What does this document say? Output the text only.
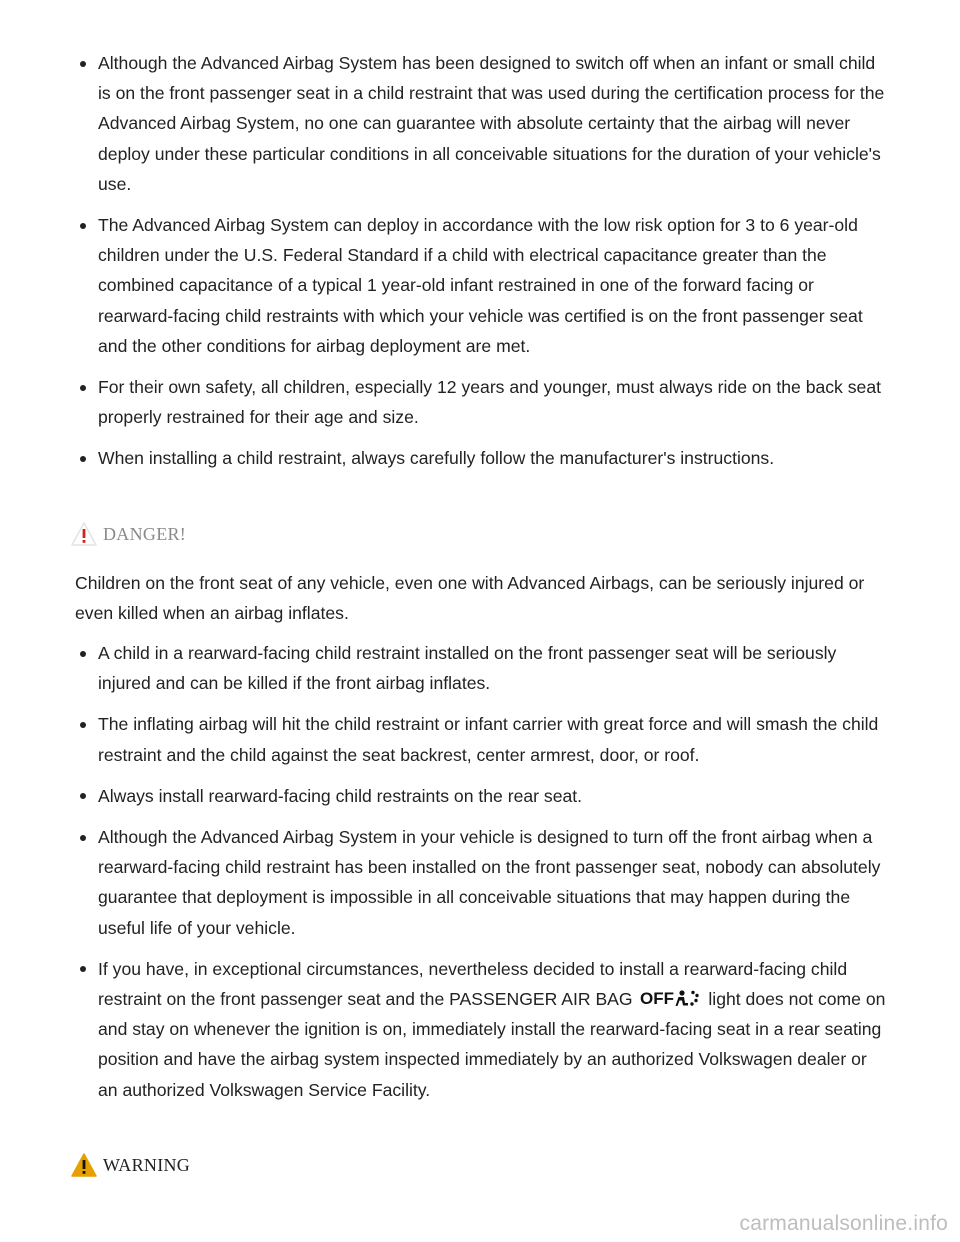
Although the Advanced Airbag System has been designed to switch off when an infant or small child is on the front passenger seat in a child restraint that was used during the certification process for the Advanced Airbag System, no one can guarantee with absolute certainty that the airbag will never deploy under these particular conditions in all conceivable situations for the duration of your vehicle's use.
The Advanced Airbag System can deploy in accordance with the low risk option for 3 to 6 year-old children under the U.S. Federal Standard if a child with electrical capacitance greater than the combined capacitance of a typical 1 year-old infant restrained in one of the forward facing or rearward-facing child restraints with which your vehicle was certified is on the front passenger seat and the other conditions for airbag deployment are met.
For their own safety, all children, especially 12 years and younger, must always ride on the back seat properly restrained for their age and size.
When installing a child restraint, always carefully follow the manufacturer's instructions.
DANGER!
Children on the front seat of any vehicle, even one with Advanced Airbags, can be seriously injured or even killed when an airbag inflates.
A child in a rearward-facing child restraint installed on the front passenger seat will be seriously injured and can be killed if the front airbag inflates.
The inflating airbag will hit the child restraint or infant carrier with great force and will smash the child restraint and the child against the seat backrest, center armrest, door, or roof.
Always install rearward-facing child restraints on the rear seat.
Although the Advanced Airbag System in your vehicle is designed to turn off the front airbag when a rearward-facing child restraint has been installed on the front passenger seat, nobody can absolutely guarantee that deployment is impossible in all conceivable situations that may happen during the useful life of your vehicle.
If you have, in exceptional circumstances, nevertheless decided to install a rearward-facing child restraint on the front passenger seat and the PASSENGER AIR BAG OFF light does not come on and stay on whenever the ignition is on, immediately install the rearward-facing seat in a rear seating position and have the airbag system inspected immediately by an authorized Volkswagen dealer or an authorized Volkswagen Service Facility.
WARNING
carmanualsonline.info
